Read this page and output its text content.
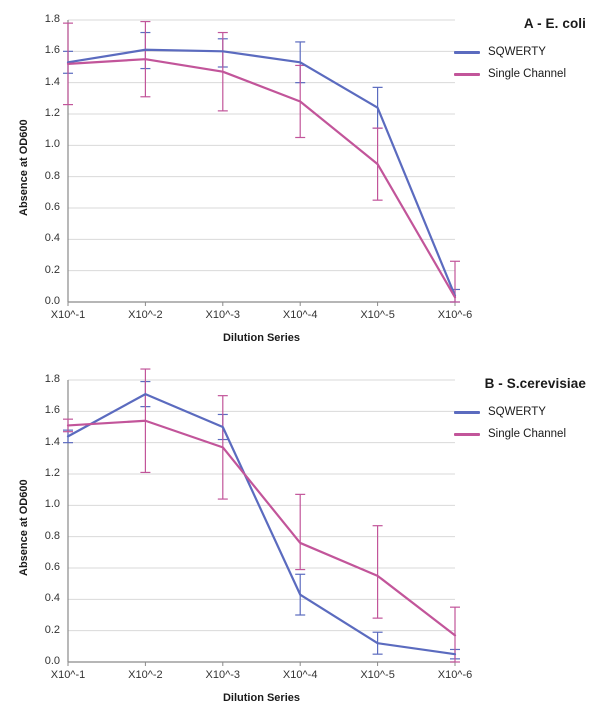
A - E. coli
SQWERTY
Single Channel
Absence at OD600
Dilution Series
0.0
0.2
0.4
0.6
0.8
1.0
1.2
1.4
1.6
1.8
X10^-1	X10^-2	X10^-3	X10^-4	X10^-5	X10^-6
B - S.cerevisiae
SQWERTY
Single Channel
Absence at OD600
Dilution Series
0.0
0.2
0.4
0.6
0.8
1.0
1.2
1.4
1.6
1.8
X10^-1	X10^-2	X10^-3	X10^-4	X10^-5	X10^-6
